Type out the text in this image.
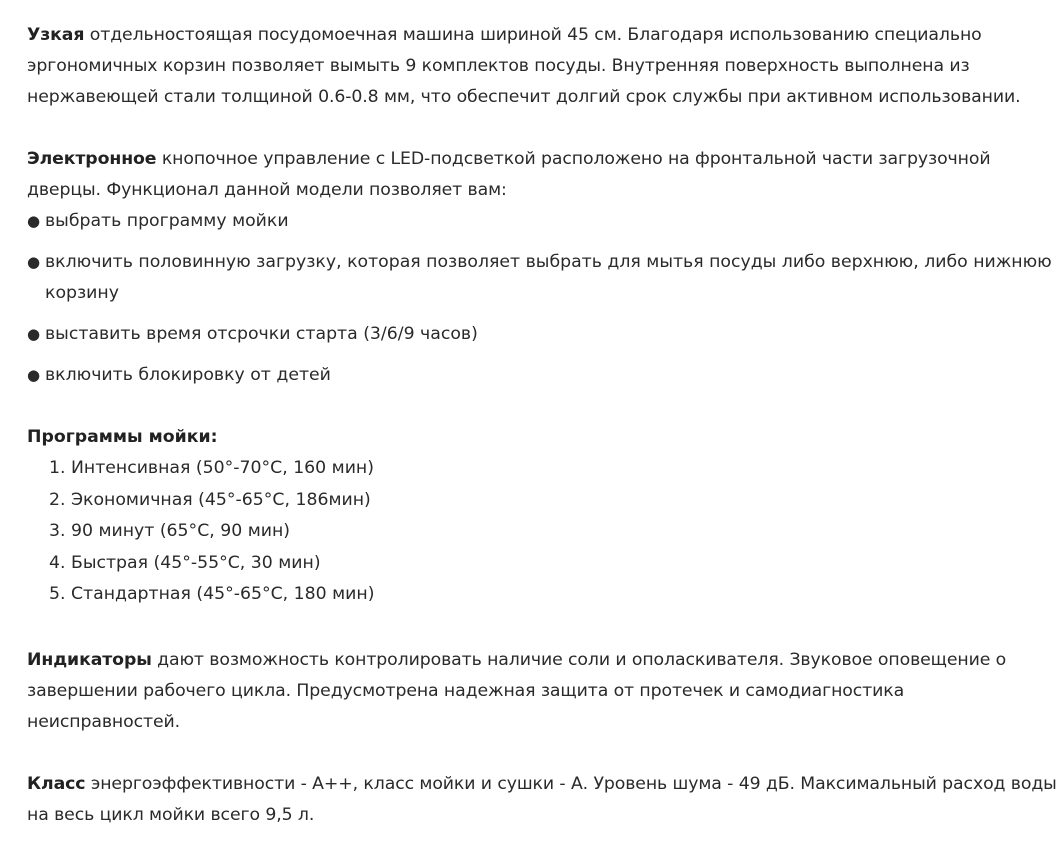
Узкая отдельностоящая посудомоечная машина шириной 45 см. Благодаря использованию специально эргономичных корзин позволяет вымыть 9 комплектов посуды. Внутренняя поверхность выполнена из нержавеющей стали толщиной 0.6-0.8 мм, что обеспечит долгий срок службы при активном использовании.

Электронное кнопочное управление с LED-подсветкой расположено на фронтальной части загрузочной дверцы. Функционал данной модели позволяет вам:

● выбрать программу мойки
● включить половинную загрузку, которая позволяет выбрать для мытья посуды либо верхнюю, либо нижнюю корзину
● выставить время отсрочки старта (3/6/9 часов)
● включить блокировку от детей

Программы мойки:

1. Интенсивная (50°-70°С, 160 мин)
2. Экономичная (45°-65°С, 186мин)
3. 90 минут (65°С, 90 мин)
4. Быстрая (45°-55°С, 30 мин)
5. Стандартная (45°-65°С, 180 мин)

Индикаторы дают возможность контролировать наличие соли и ополаскивателя. Звуковое оповещение о завершении рабочего цикла. Предусмотрена надежная защита от протечек и самодиагностика неисправностей.

Класс энергоэффективности - А++, класс мойки и сушки - А. Уровень шума - 49 дБ. Максимальный расход воды на весь цикл мойки всего 9,5 л.
